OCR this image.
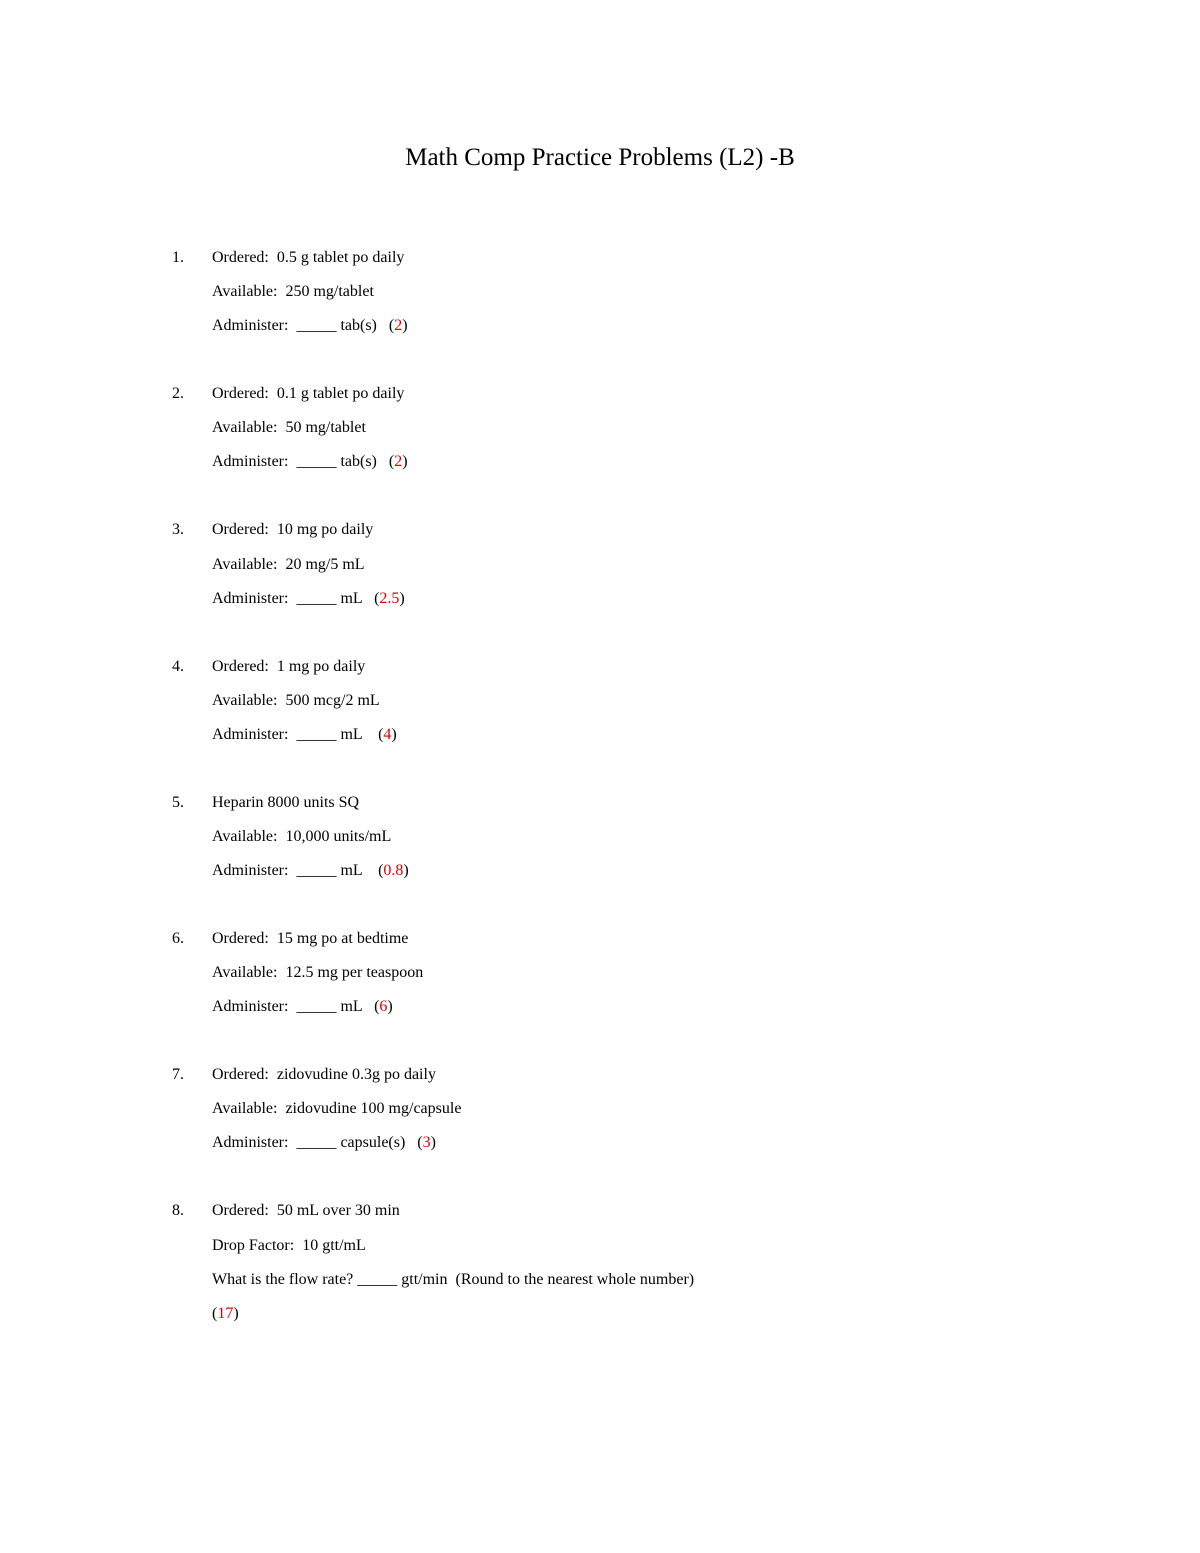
Math Comp Practice Problems (L2) -B
1. Ordered:  0.5 g tablet po daily
Available:  250 mg/tablet
Administer:  _____ tab(s)   (2)
2. Ordered:  0.1 g tablet po daily
Available:  50 mg/tablet
Administer:  _____ tab(s)   (2)
3. Ordered:  10 mg po daily
Available:  20 mg/5 mL
Administer:  _____ mL   (2.5)
4. Ordered:  1 mg po daily
Available:  500 mcg/2 mL
Administer:  _____ mL    (4)
5. Heparin 8000 units SQ
Available:  10,000 units/mL
Administer:  _____ mL    (0.8)
6. Ordered:  15 mg po at bedtime
Available:  12.5 mg per teaspoon
Administer:  _____ mL   (6)
7. Ordered:  zidovudine 0.3g po daily
Available:  zidovudine 100 mg/capsule
Administer:  _____ capsule(s)   (3)
8. Ordered:  50 mL over 30 min
Drop Factor:  10 gtt/mL
What is the flow rate? _____ gtt/min  (Round to the nearest whole number)
(17)
